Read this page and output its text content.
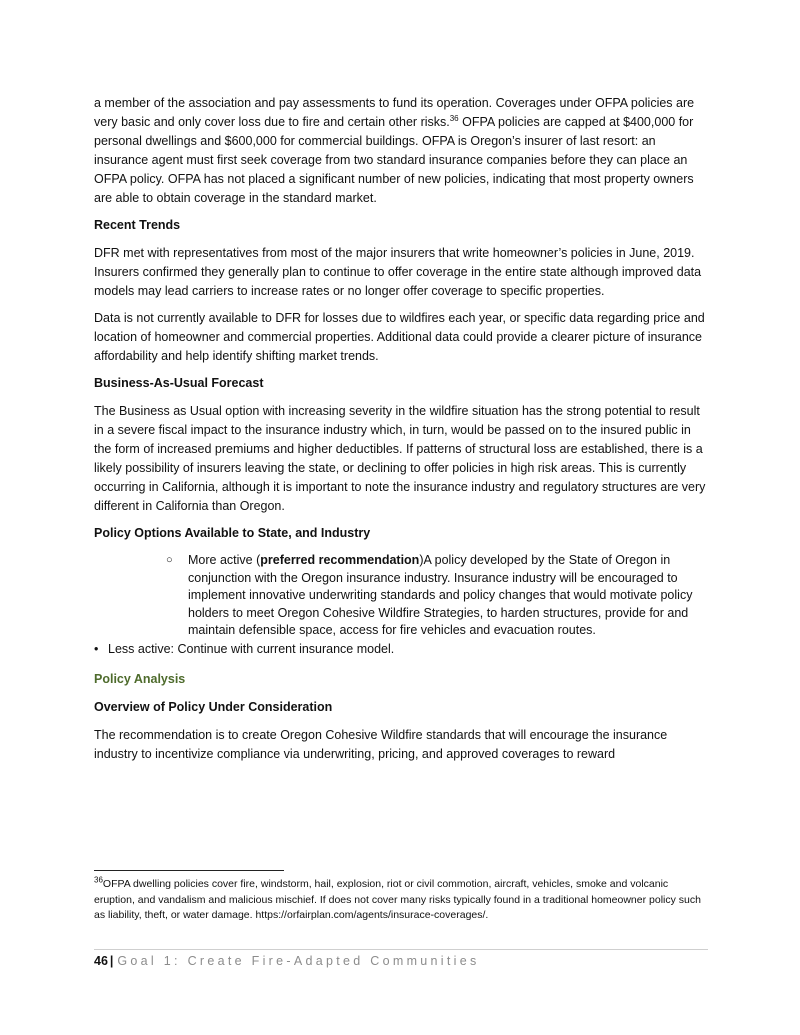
a member of the association and pay assessments to fund its operation. Coverages under OFPA policies are very basic and only cover loss due to fire and certain other risks.$^{36}$ OFPA policies are capped at $400,000 for personal dwellings and $600,000 for commercial buildings. OFPA is Oregon’s insurer of last resort: an insurance agent must first seek coverage from two standard insurance companies before they can place an OFPA policy. OFPA has not placed a significant number of new policies, indicating that most property owners are able to obtain coverage in the standard market.

Recent Trends

DFR met with representatives from most of the major insurers that write homeowner’s policies in June, 2019. Insurers confirmed they generally plan to continue to offer coverage in the entire state although improved data models may lead carriers to increase rates or no longer offer coverage to specific properties.

Data is not currently available to DFR for losses due to wildfires each year, or specific data regarding price and location of homeowner and commercial properties. Additional data could provide a clearer picture of insurance affordability and help identify shifting market trends.

Business-As-Usual Forecast

The Business as Usual option with increasing severity in the wildfire situation has the strong potential to result in a severe fiscal impact to the insurance industry which, in turn, would be passed on to the insured public in the form of increased premiums and higher deductibles. If patterns of structural loss are established, there is a likely possibility of insurers leaving the state, or declining to offer policies in high risk areas. This is currently occurring in California, although it is important to note the insurance industry and regulatory structures are very different in California than Oregon.

Policy Options Available to State, and Industry

○ More active (preferred recommendation)A policy developed by the State of Oregon in conjunction with the Oregon insurance industry. Insurance industry will be encouraged to implement innovative underwriting standards and policy changes that would motivate policy holders to meet Oregon Cohesive Wildfire Strategies, to harden structures, provide for and maintain defensible space, access for fire vehicles and evacuation routes.
• Less active: Continue with current insurance model.

Policy Analysis

Overview of Policy Under Consideration

The recommendation is to create Oregon Cohesive Wildfire standards that will encourage the insurance industry to incentivize compliance via underwriting, pricing, and approved coverages to reward

$^{36}$OFPA dwelling policies cover fire, windstorm, hail, explosion, riot or civil commotion, aircraft, vehicles, smoke and volcanic eruption, and vandalism and malicious mischief. If does not cover many risks typically found in a traditional homeowner policy such as liability, theft, or water damage. https://orfairplan.com/agents/insurace-coverages/.
46 | Goal 1: Create Fire-Adapted Communities
